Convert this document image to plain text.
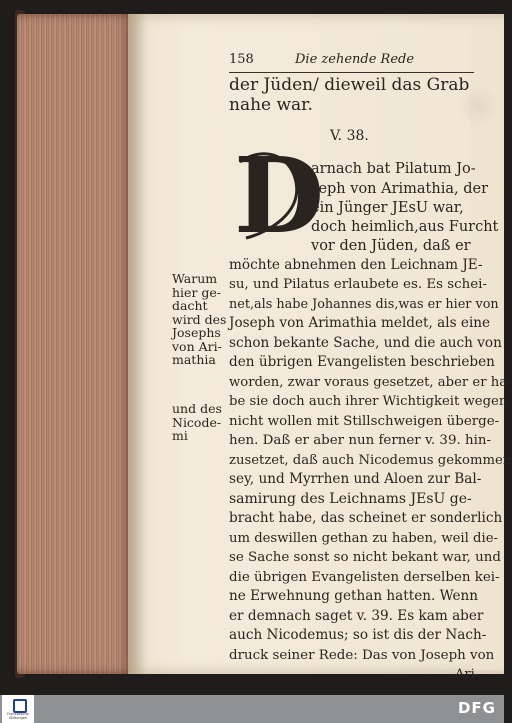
158	Die zehende Rede
V. 38.
D
der Jüden/ dieweil das Grab
nahe war.
arnach bat Pilatum Jo-
seph von Arimathia, der
ein Jünger JEsU war,
doch heimlich,aus Furcht
vor den Jüden, daß er
möchte abnehmen den Leichnam JE-
su, und Pilatus erlaubete es. Es schei-
net,als habe Johannes dis,was er hier von
Joseph von Arimathia meldet, als eine
schon bekante Sache, und die auch von
den übrigen Evangelisten beschrieben
worden, zwar voraus gesetzet, aber er ha-
be sie doch auch ihrer Wichtigkeit wegen
nicht wollen mit Stillschweigen überge-
hen. Daß er aber nun ferner v. 39. hin-
zusetzet, daß auch Nicodemus gekommen
sey, und Myrrhen und Aloen zur Bal-
samirung des Leichnams JEsU ge-
bracht habe, das scheinet er sonderlich
um deswillen gethan zu haben, weil die-
se Sache sonst so nicht bekant war, und
die übrigen Evangelisten derselben kei-
ne Erwehnung gethan hatten. Wenn
er demnach saget v. 39. Es kam aber
auch Nicodemus; so ist dis der Nach-
druck seiner Rede: Das von Joseph von
Ari-
Warum
hier ge-
dacht
wird des
Josephs
von Ari-
mathia
und des
Nicode-
mi
Franckesche Stiftungen
DFG
